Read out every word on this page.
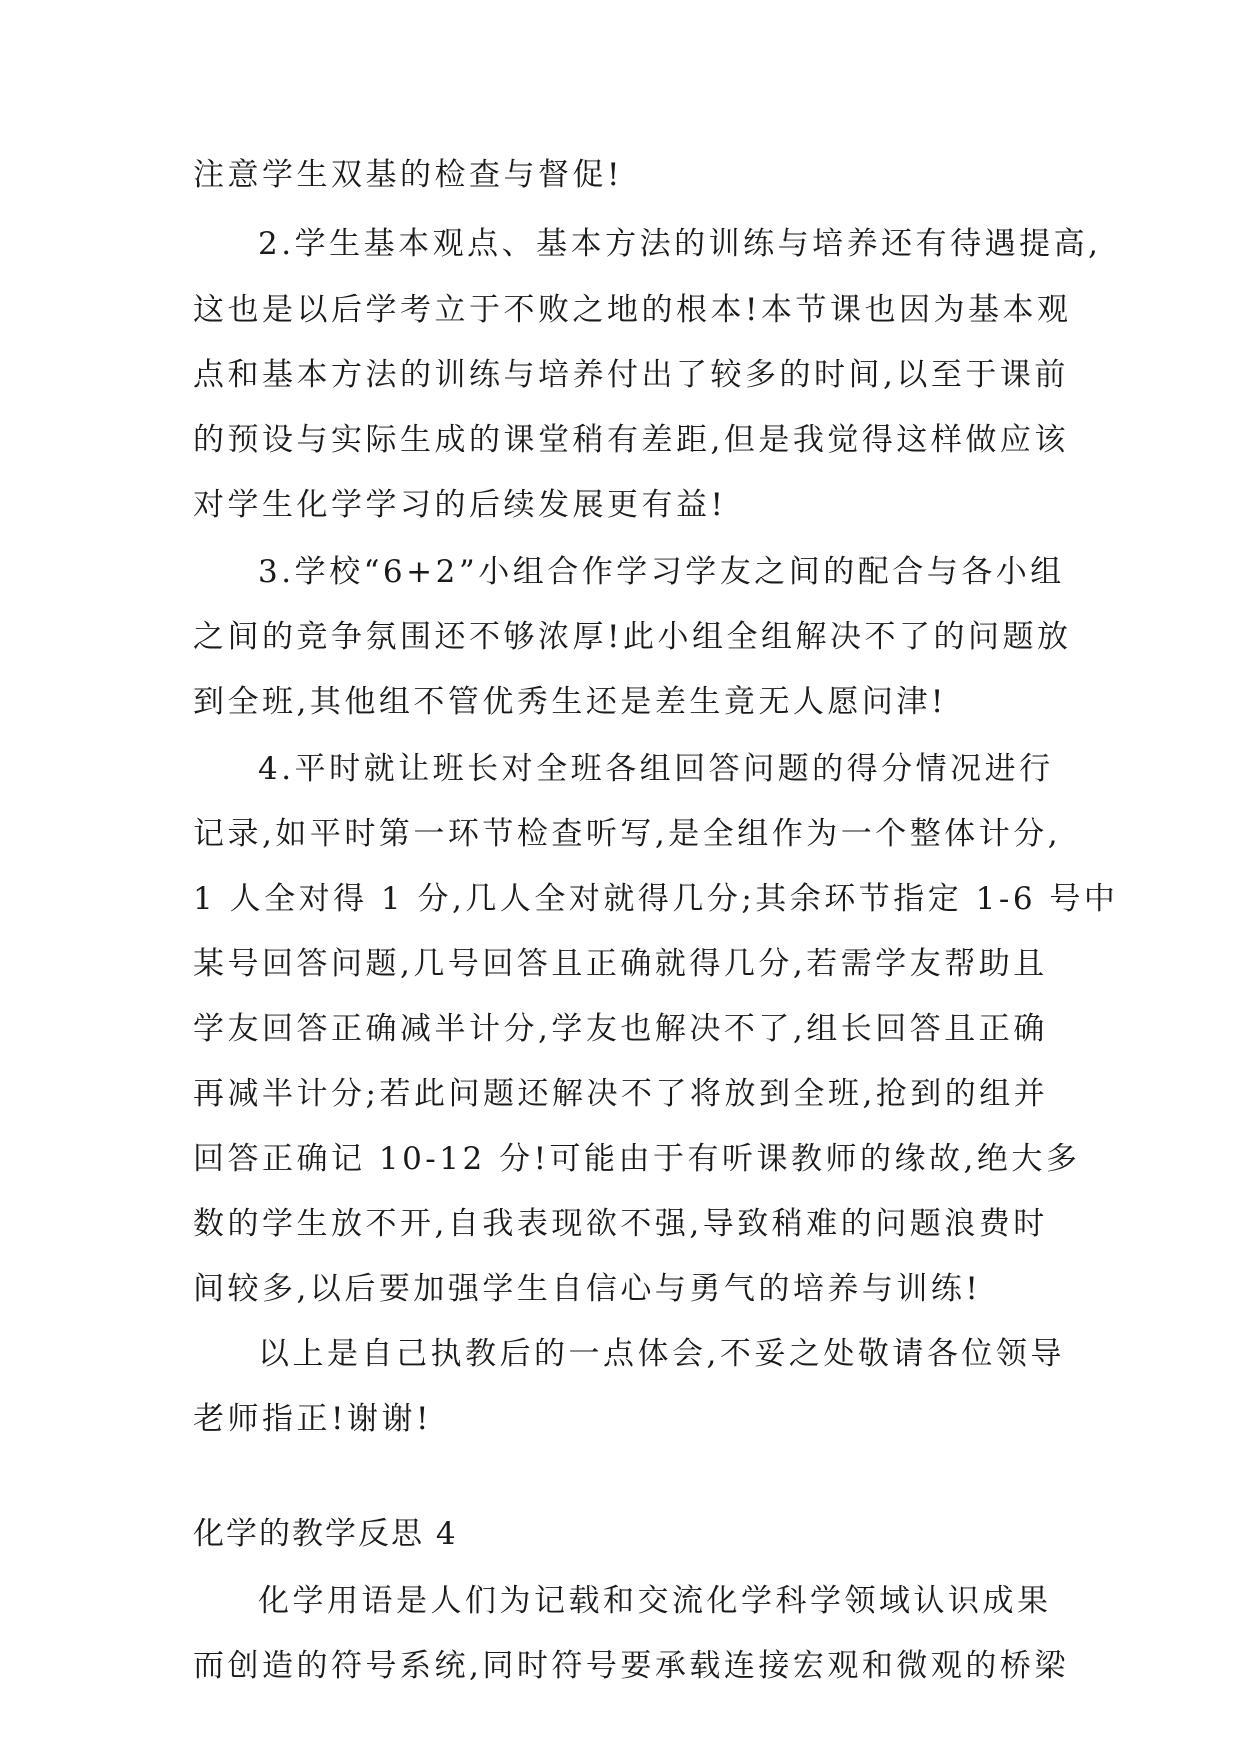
注意学生双基的检查与督促!
2.学生基本观点、基本方法的训练与培养还有待遇提高,
这也是以后学考立于不败之地的根本!本节课也因为基本观
点和基本方法的训练与培养付出了较多的时间,以至于课前
的预设与实际生成的课堂稍有差距,但是我觉得这样做应该
对学生化学学习的后续发展更有益!
3.学校“6+2”小组合作学习学友之间的配合与各小组
之间的竞争氛围还不够浓厚!此小组全组解决不了的问题放
到全班,其他组不管优秀生还是差生竟无人愿问津!
4.平时就让班长对全班各组回答问题的得分情况进行
记录,如平时第一环节检查听写,是全组作为一个整体计分,
1 人全对得 1 分,几人全对就得几分;其余环节指定 1-6 号中
某号回答问题,几号回答且正确就得几分,若需学友帮助且
学友回答正确减半计分,学友也解决不了,组长回答且正确
再减半计分;若此问题还解决不了将放到全班,抢到的组并
回答正确记 10-12 分!可能由于有听课教师的缘故,绝大多
数的学生放不开,自我表现欲不强,导致稍难的问题浪费时
间较多,以后要加强学生自信心与勇气的培养与训练!
以上是自己执教后的一点体会,不妥之处敬请各位领导
老师指正!谢谢!
化学的教学反思 4
化学用语是人们为记载和交流化学科学领域认识成果
而创造的符号系统,同时符号要承载连接宏观和微观的桥梁
